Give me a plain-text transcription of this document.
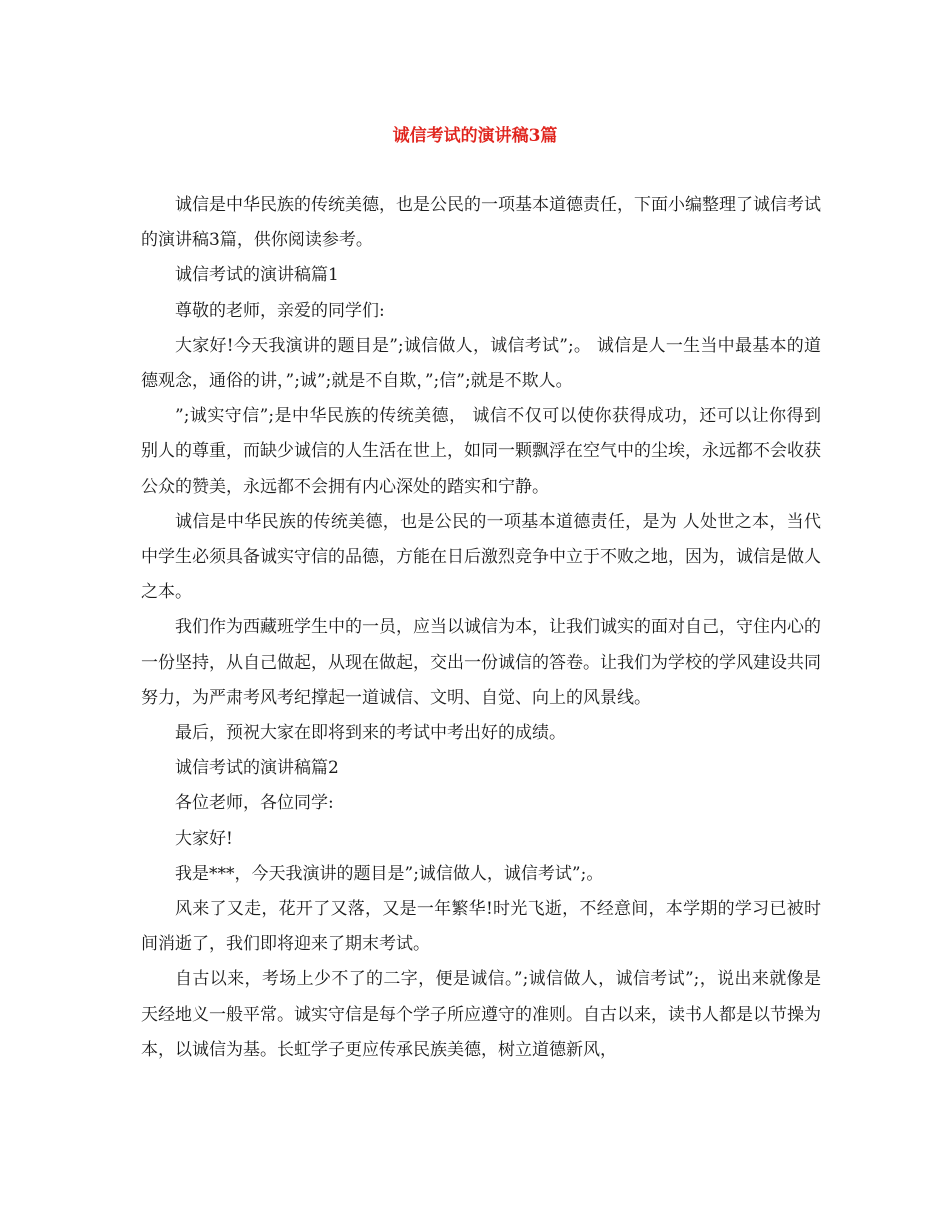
诚信考试的演讲稿3篇

诚信是中华民族的传统美德，也是公民的一项基本道德责任，下面小编整理了诚信考试的演讲稿3篇，供你阅读参考。

诚信考试的演讲稿篇1

尊敬的老师，亲爱的同学们:

大家好!今天我演讲的题目是”;诚信做人，诚信考试”;。 诚信是人一生当中最基本的道德观念，通俗的讲，”;诚”;就是不自欺，”;信”;就是不欺人。

”;诚实守信”;是中华民族的传统美德， 诚信不仅可以使你获得成功，还可以让你得到别人的尊重，而缺少诚信的人生活在世上，如同一颗飘浮在空气中的尘埃，永远都不会收获公众的赞美，永远都不会拥有内心深处的踏实和宁静。

诚信是中华民族的传统美德，也是公民的一项基本道德责任，是为 人处世之本，当代中学生必须具备诚实守信的品德，方能在日后激烈竞争中立于不败之地，因为，诚信是做人之本。

我们作为西藏班学生中的一员，应当以诚信为本，让我们诚实的面对自己，守住内心的一份坚持，从自己做起，从现在做起，交出一份诚信的答卷。让我们为学校的学风建设共同努力，为严肃考风考纪撑起一道诚信、文明、自觉、向上的风景线。

最后，预祝大家在即将到来的考试中考出好的成绩。

诚信考试的演讲稿篇2

各位老师，各位同学:

大家好!

我是***，今天我演讲的题目是”;诚信做人，诚信考试”;。

风来了又走，花开了又落，又是一年繁华!时光飞逝，不经意间，本学期的学习已被时间消逝了，我们即将迎来了期末考试。

自古以来，考场上少不了的二字，便是诚信。”;诚信做人，诚信考试”;，说出来就像是天经地义一般平常。诚实守信是每个学子所应遵守的准则。自古以来，读书人都是以节操为本，以诚信为基。长虹学子更应传承民族美德，树立道德新风，
